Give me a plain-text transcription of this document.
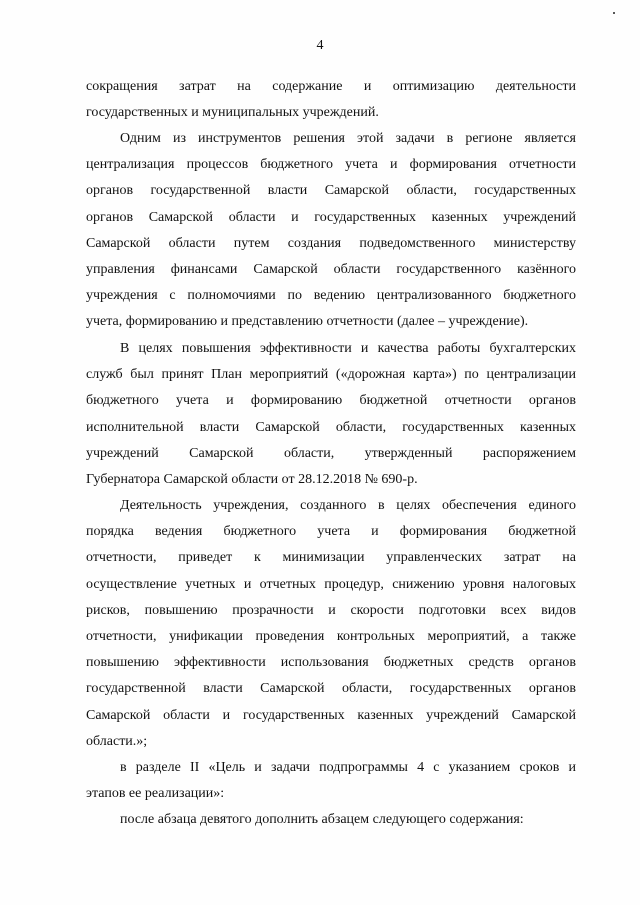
4
сокращения затрат на содержание и оптимизацию деятельности
государственных и муниципальных учреждений.
Одним из инструментов решения этой задачи в регионе является
централизация процессов бюджетного учета и формирования отчетности
органов государственной власти Самарской области, государственных
органов Самарской области и государственных казенных учреждений
Самарской области путем создания подведомственного министерству
управления финансами Самарской области государственного казённого
учреждения с полномочиями по ведению централизованного бюджетного
учета, формированию и представлению отчетности (далее – учреждение).
В целях повышения эффективности и качества работы бухгалтерских
служб был принят План мероприятий («дорожная карта») по централизации
бюджетного учета и формированию бюджетной отчетности органов
исполнительной власти Самарской области, государственных казенных
учреждений Самарской области, утвержденный распоряжением
Губернатора Самарской области от 28.12.2018 № 690-р.
Деятельность учреждения, созданного в целях обеспечения единого
порядка ведения бюджетного учета и формирования бюджетной
отчетности, приведет к минимизации управленческих затрат на
осуществление учетных и отчетных процедур, снижению уровня налоговых
рисков, повышению прозрачности и скорости подготовки всех видов
отчетности, унификации проведения контрольных мероприятий, а также
повышению эффективности использования бюджетных средств органов
государственной власти Самарской области, государственных органов
Самарской области и государственных казенных учреждений Самарской
области.»;
в разделе II «Цель и задачи подпрограммы 4 с указанием сроков и
этапов ее реализации»:
после абзаца девятого дополнить абзацем следующего содержания:
